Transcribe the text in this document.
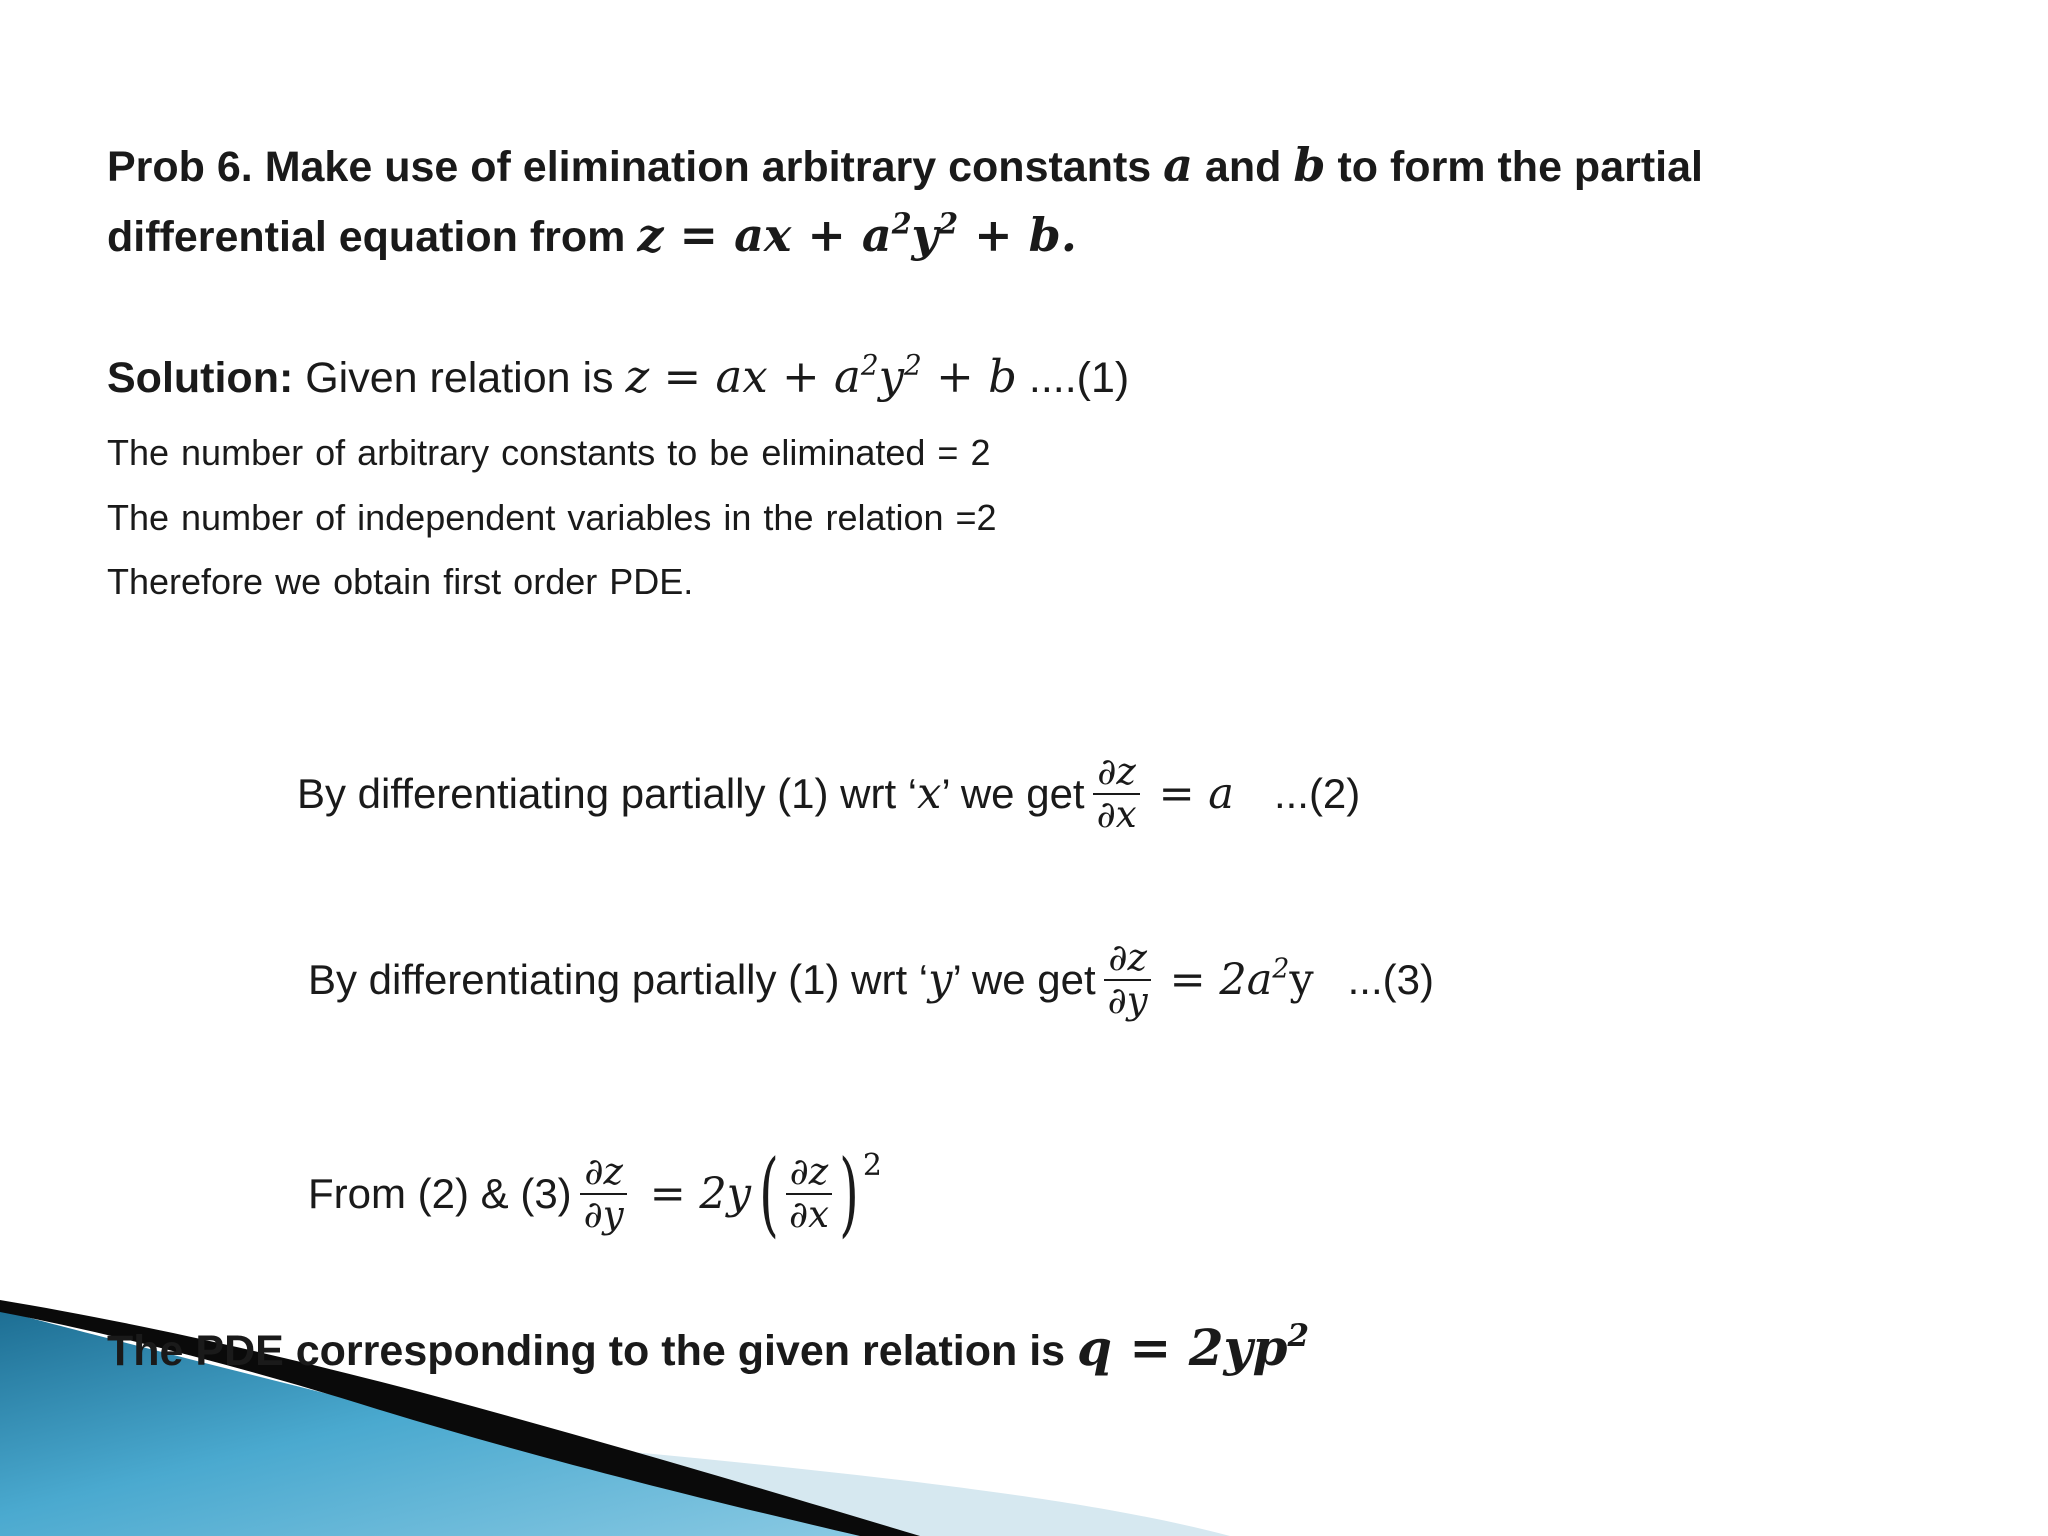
Prob 6. Make use of elimination arbitrary constants a and b to form the partial
differential equation from z = ax + $a^2y^2 + b$.
Solution: Given relation is z = ax + $a^2y^2 + b$ ....(1)
The number of arbitrary constants to be eliminated = 2
The number of independent variables in the relation =2
Therefore we obtain first order PDE.
By differentiating partially (1) wrt ‘ x ’ we get $\frac{\partial z}{\partial x} = a$ ...(2)
By differentiating partially (1) wrt ‘ y ’ we get $\frac{\partial z}{\partial y} = 2a^2y$ ...(3)
From (2) & $(3) \frac{\partial z}{\partial y} = 2y$ ( $\frac{\partial z}{\partial x}$ ) 2
The PDE corresponding to the given relation is $q = 2yp^2$
